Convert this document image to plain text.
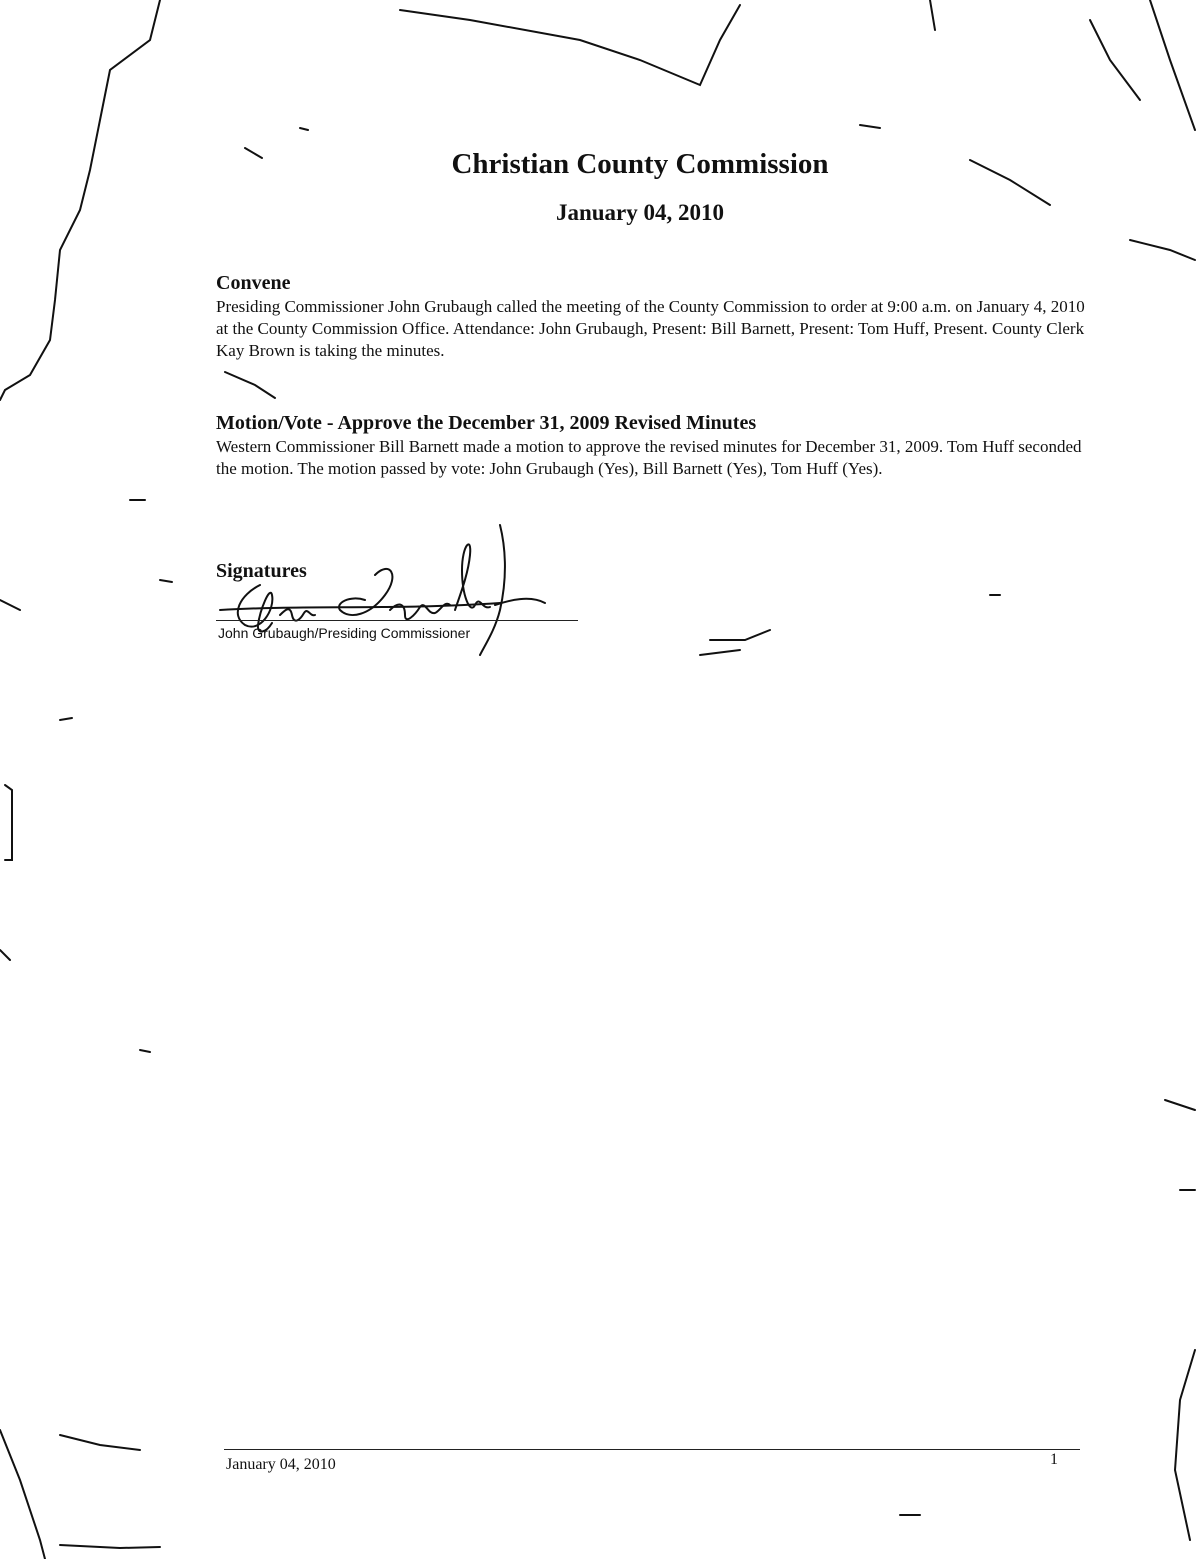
Christian County Commission
January 04, 2010
Convene

Presiding Commissioner John Grubaugh called the meeting of the County Commission to order at 9:00 a.m. on January 4, 2010 at the County Commission Office. Attendance: John Grubaugh, Present: Bill Barnett, Present: Tom Huff, Present. County Clerk Kay Brown is taking the minutes.

Motion/Vote - Approve the December 31, 2009 Revised Minutes

Western Commissioner Bill Barnett made a motion to approve the revised minutes for December 31, 2009. Tom Huff seconded the motion. The motion passed by vote: John Grubaugh (Yes), Bill Barnett (Yes), Tom Huff (Yes).

Signatures
John Grubaugh/Presiding Commissioner
January 04, 2010	1
